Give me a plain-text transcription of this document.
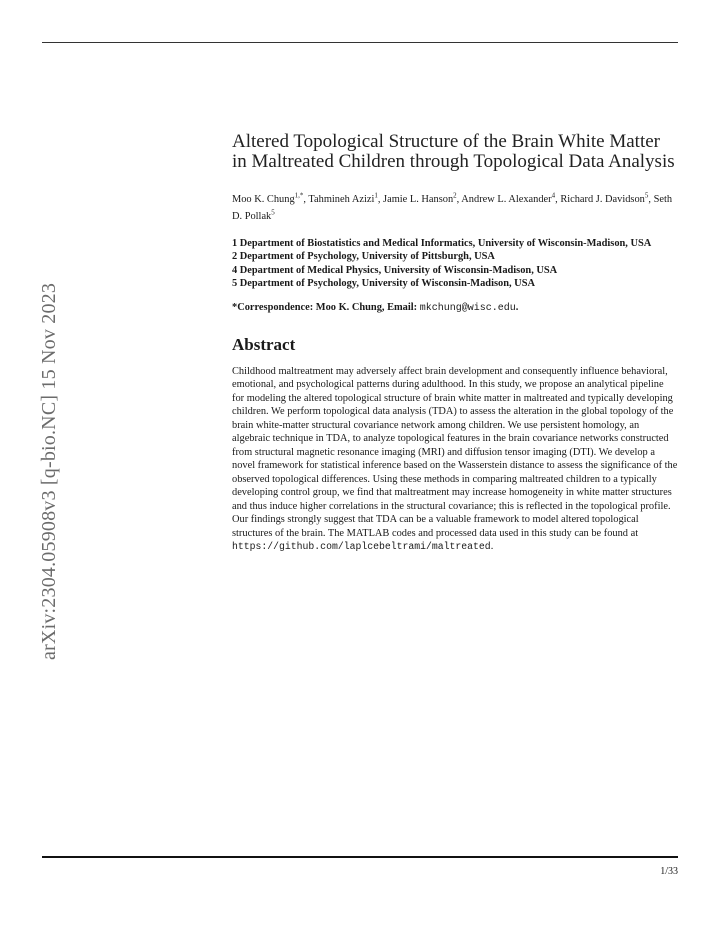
arXiv:2304.05908v3 [q-bio.NC] 15 Nov 2023
Altered Topological Structure of the Brain White Matter in Maltreated Children through Topological Data Analysis
Moo K. Chung$^{1,*}$, Tahmineh Azizi$^1$, Jamie L. Hanson$^2$, Andrew L. Alexander$^4$, Richard J. Davidson$^5$, Seth D. Pollak$^5$
1 Department of Biostatistics and Medical Informatics, University of Wisconsin-Madison, USA
2 Department of Psychology, University of Pittsburgh, USA
4 Department of Medical Physics, University of Wisconsin-Madison, USA
5 Department of Psychology, University of Wisconsin-Madison, USA
*Correspondence: Moo K. Chung, Email: mkchung@wisc.edu.
Abstract
Childhood maltreatment may adversely affect brain development and consequently influence behavioral, emotional, and psychological patterns during adulthood. In this study, we propose an analytical pipeline for modeling the altered topological structure of brain white matter in maltreated and typically developing children. We perform topological data analysis (TDA) to assess the alteration in the global topology of the brain white-matter structural covariance network among children. We use persistent homology, an algebraic technique in TDA, to analyze topological features in the brain covariance networks constructed from structural magnetic resonance imaging (MRI) and diffusion tensor imaging (DTI). We develop a novel framework for statistical inference based on the Wasserstein distance to assess the significance of the observed topological differences. Using these methods in comparing maltreated children to a typically developing control group, we find that maltreatment may increase homogeneity in white matter structures and thus induce higher correlations in the structural covariance; this is reflected in the topological profile. Our findings strongly suggest that TDA can be a valuable framework to model altered topological structures of the brain. The MATLAB codes and processed data used in this study can be found at https://github.com/laplcebeltrami/maltreated.
1/33
